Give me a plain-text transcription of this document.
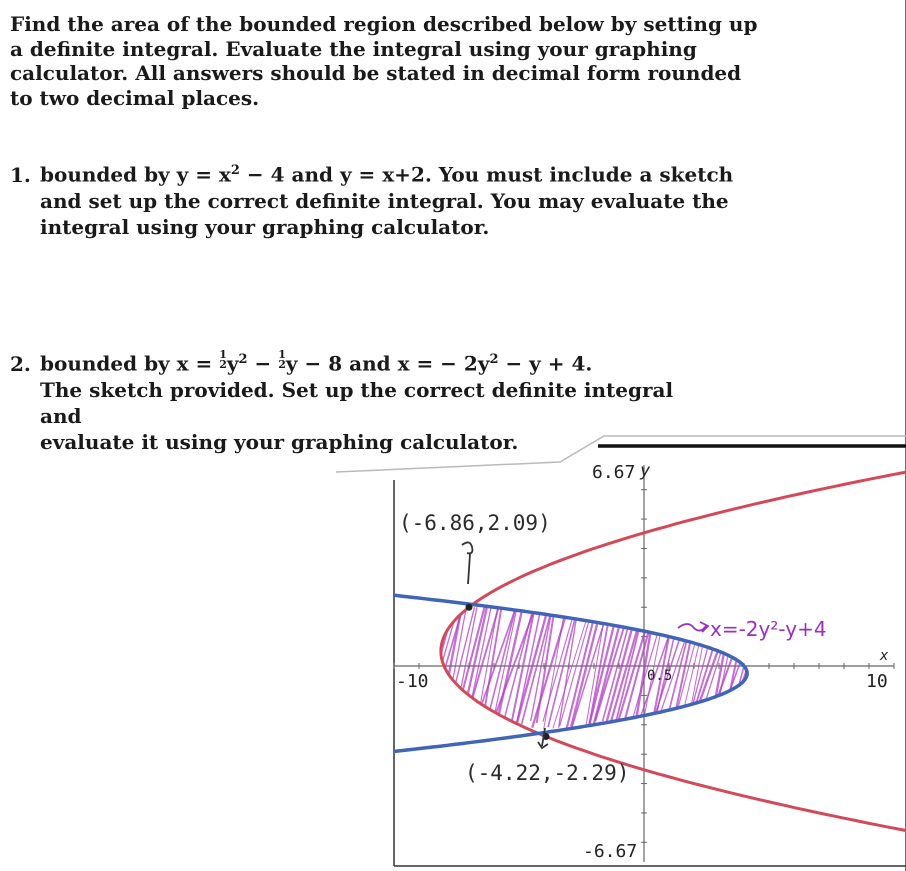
Find the area of the bounded region described below by setting up a definite integral. Evaluate the integral using your graphing calculator. All answers should be stated in decimal form rounded to two decimal places.

1. bounded by $y = x^2 - 4$ and y = x+2. You must include a sketch
and set up the correct definite integral. You may evaluate the
integral using your graphing calculator.
2. bounded by x = 1
2 $y^2 - 1$
2 y − 8 and x = − $2y^2 - y + 4$.
The sketch provided. Set up the correct definite integral and
evaluate it using your graphing calculator.
6.67 y
-6.67
-10	10
x
0.5
(-6.86,2.09)
(-4.22,-2.29)
x=-2y²-y+4
